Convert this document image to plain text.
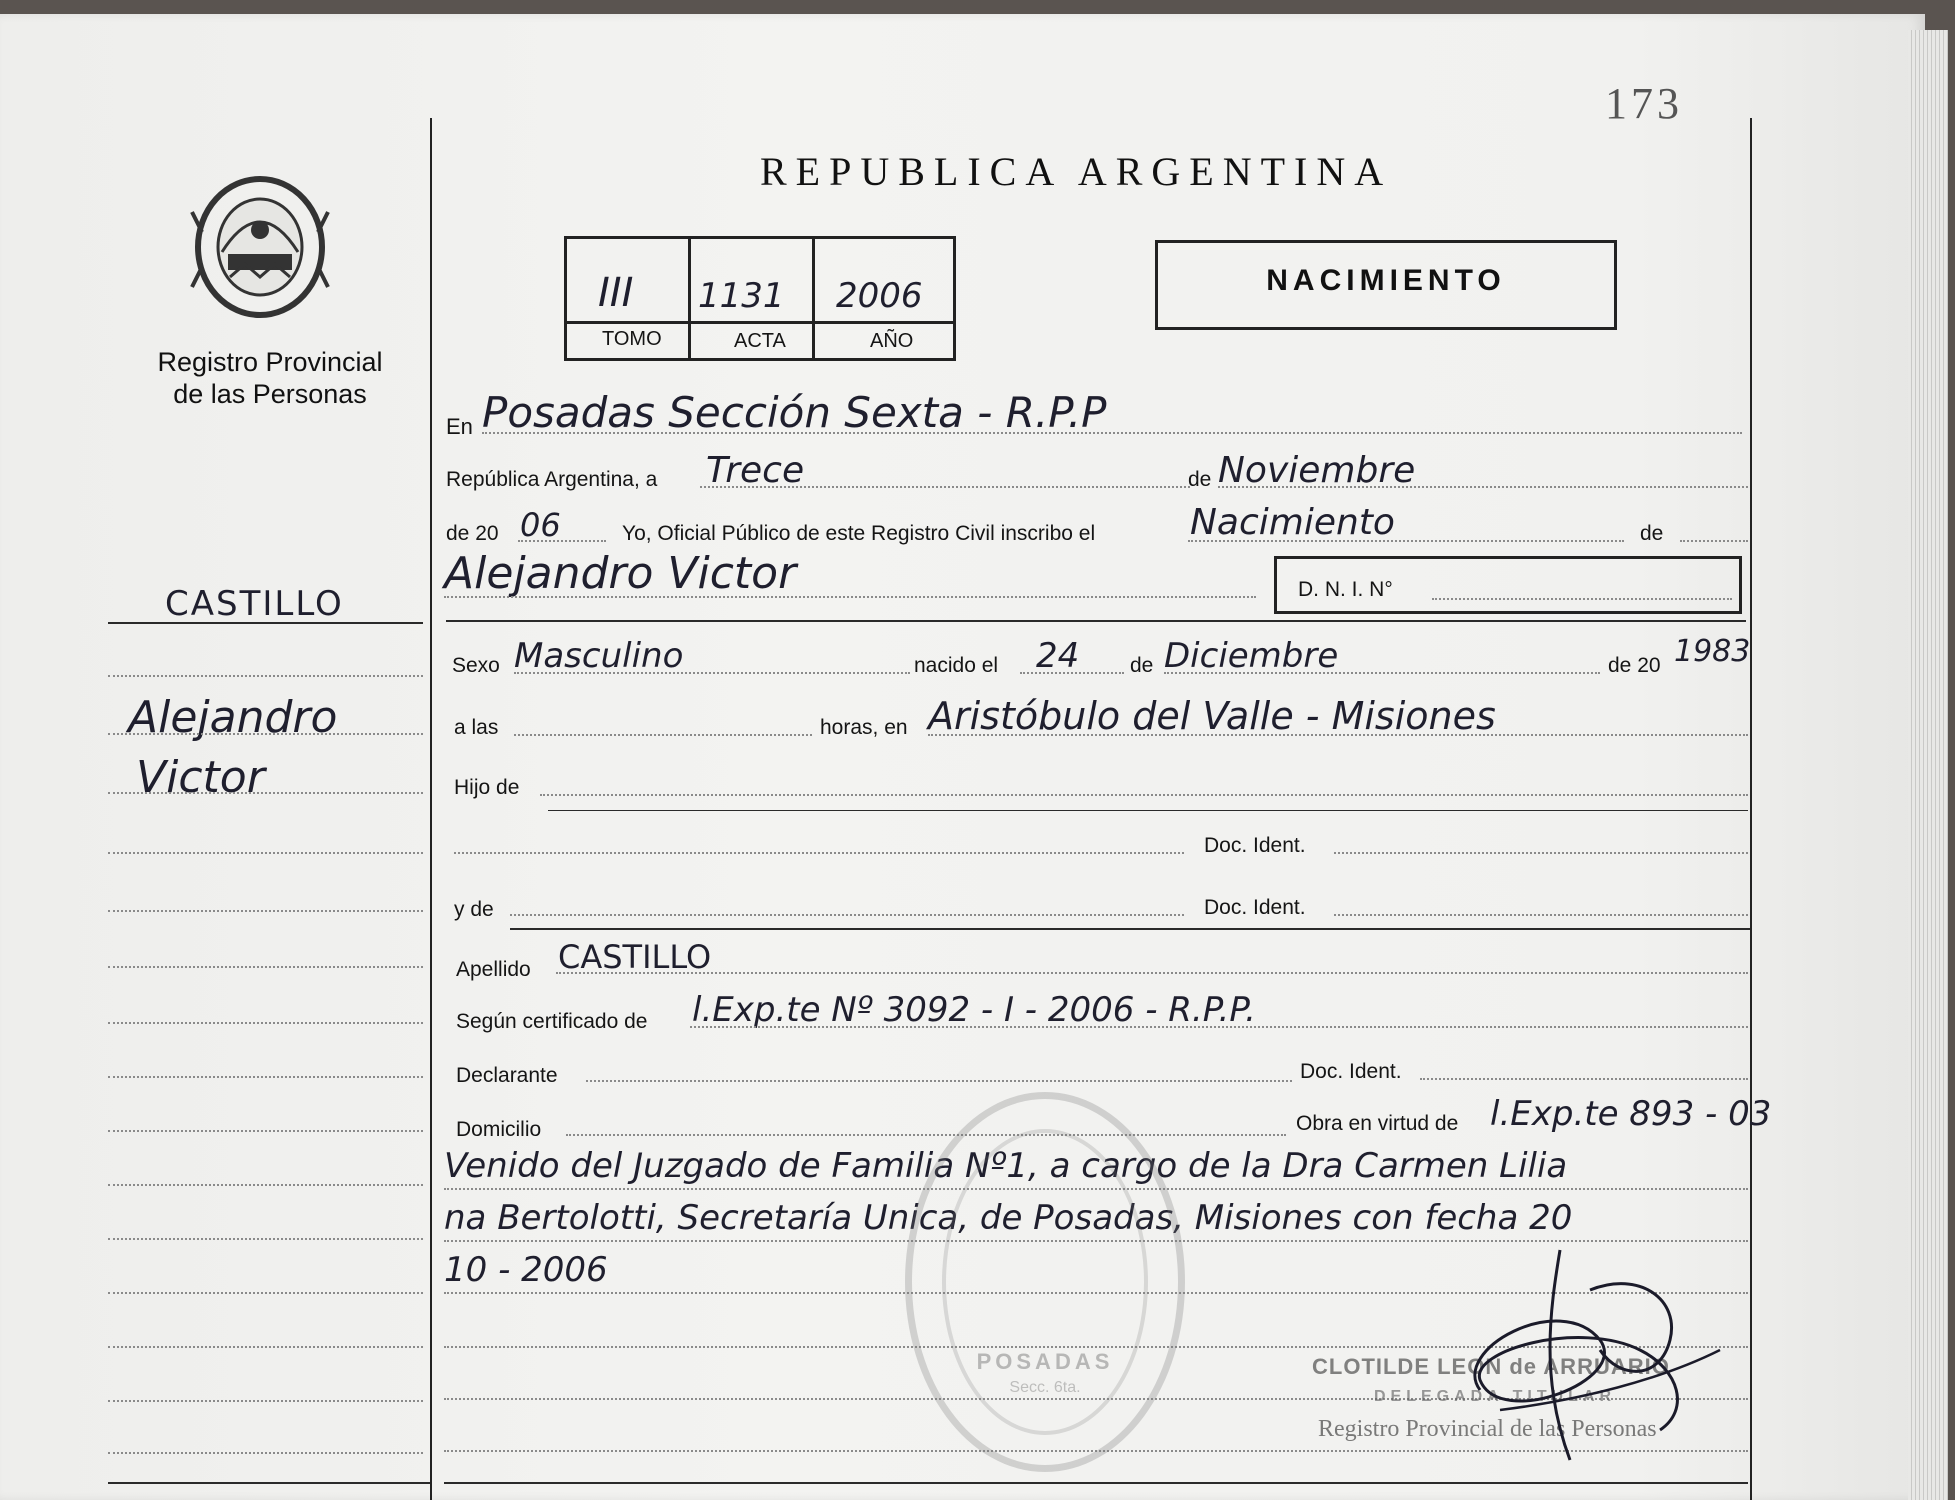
173
Registro Provincial
de las Personas
REPUBLICA ARGENTINA
III 1131 2006
TOMO	ACTA	AÑO
NACIMIENTO
CASTILLO
Alejandro
Victor
En Posadas Sección Sexta - R.P.P
República Argentina, a Trece	de Noviembre
de 20 06	Yo, Oficial Público de este Registro Civil inscribo el	Nacimiento	de
Alejandro Victor	D. N. I. N°
Sexo Masculino	nacido el 24 de Diciembre	de 20 1983
a las	horas, en Aristóbulo del Valle - Misiones
Hijo de
Doc. Ident.
y de	Doc. Ident.
Apellido CASTILLO
Según certificado de l.Exp.te Nº 3092 - I - 2006 - R.P.P.
Declarante	Doc. Ident.
Domicilio	Obra en virtud de l.Exp.te 893 - 03
Venido del Juzgado de Familia Nº1, a cargo de la Dra Carmen Lilia
na Bertolotti, Secretaría Unica, de Posadas, Misiones con fecha 20
10 - 2006
POSADAS
Secc. 6ta.
CLOTILDE LEON de ARRUARIO
DELEGADA TITULAR
Registro Provincial de las Personas
